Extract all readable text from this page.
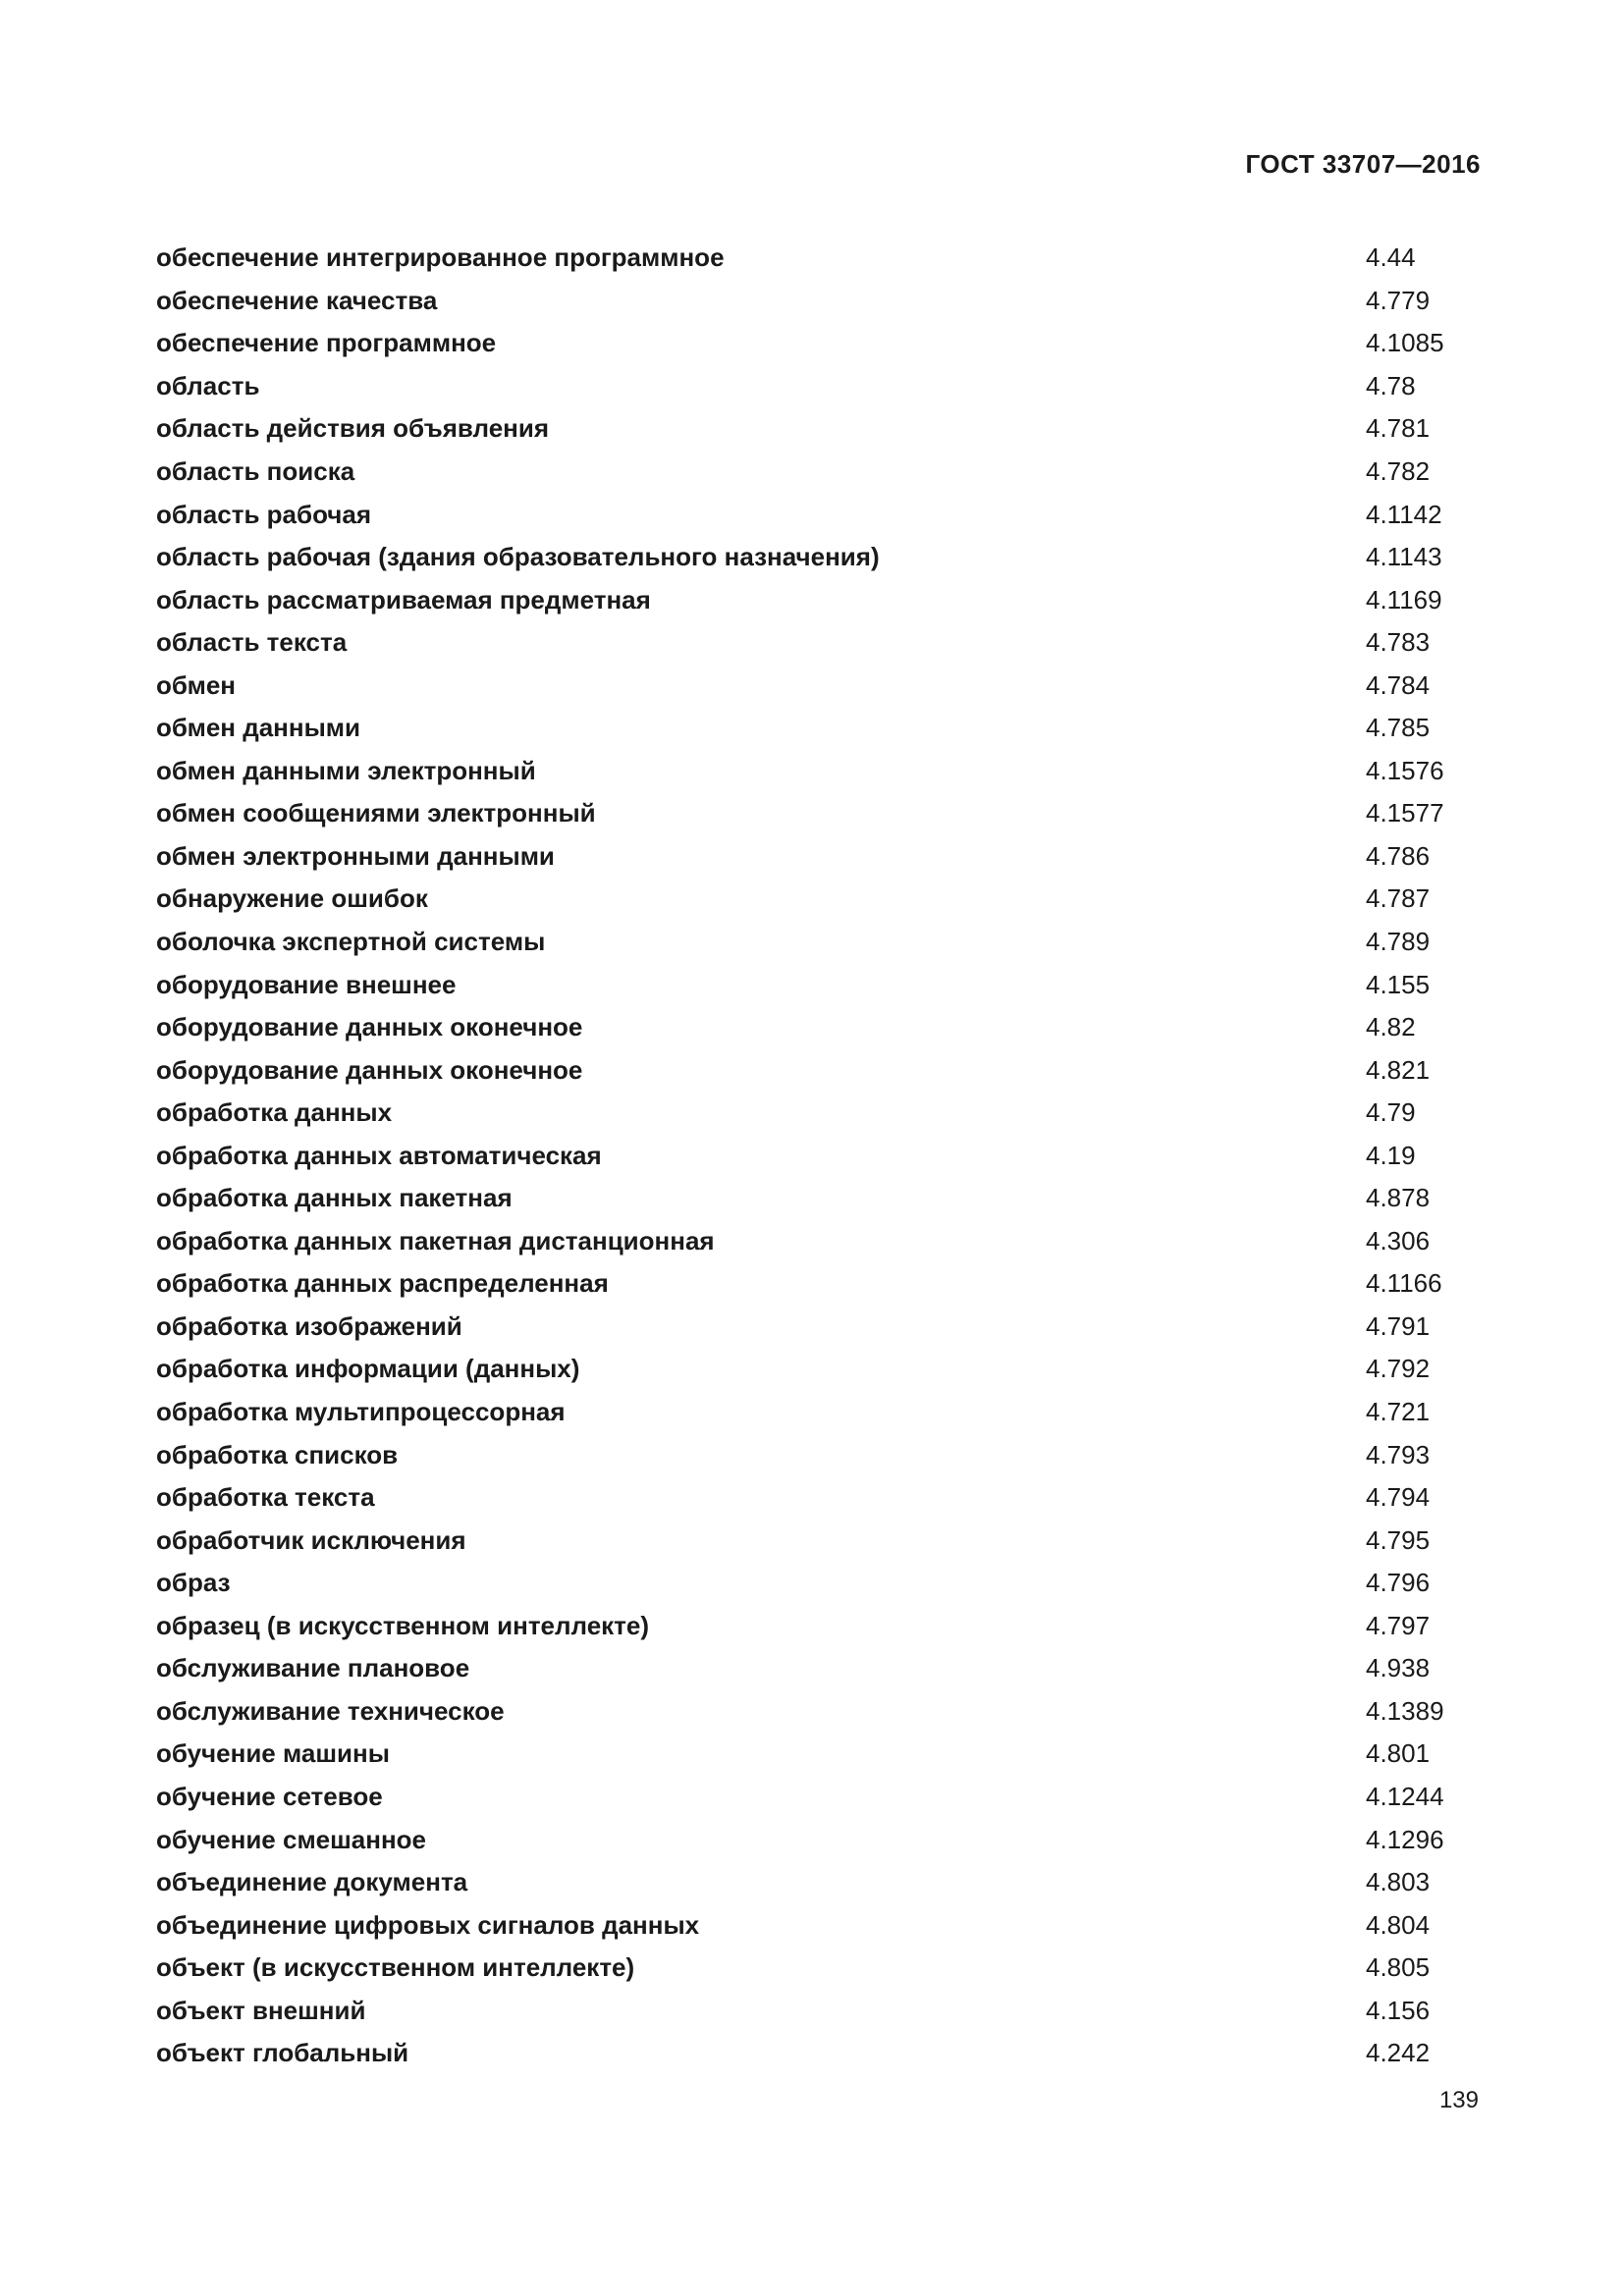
ГОСТ 33707—2016
обеспечение интегрированное программное	4.44
обеспечение качества	4.779
обеспечение программное	4.1085
область	4.78
область действия объявления	4.781
область поиска	4.782
область рабочая	4.1142
область рабочая (здания образовательного назначения)	4.1143
область рассматриваемая предметная	4.1169
область текста	4.783
обмен	4.784
обмен данными	4.785
обмен данными электронный	4.1576
обмен сообщениями электронный	4.1577
обмен электронными данными	4.786
обнаружение ошибок	4.787
оболочка экспертной системы	4.789
оборудование внешнее	4.155
оборудование данных оконечное	4.82
оборудование данных оконечное	4.821
обработка данных	4.79
обработка данных автоматическая	4.19
обработка данных пакетная	4.878
обработка данных пакетная дистанционная	4.306
обработка данных распределенная	4.1166
обработка изображений	4.791
обработка информации (данных)	4.792
обработка мультипроцессорная	4.721
обработка списков	4.793
обработка текста	4.794
обработчик исключения	4.795
образ	4.796
образец (в искусственном интеллекте)	4.797
обслуживание плановое	4.938
обслуживание техническое	4.1389
обучение машины	4.801
обучение сетевое	4.1244
обучение смешанное	4.1296
объединение документа	4.803
объединение цифровых сигналов данных	4.804
объект (в искусственном интеллекте)	4.805
объект внешний	4.156
объект глобальный	4.242
139
